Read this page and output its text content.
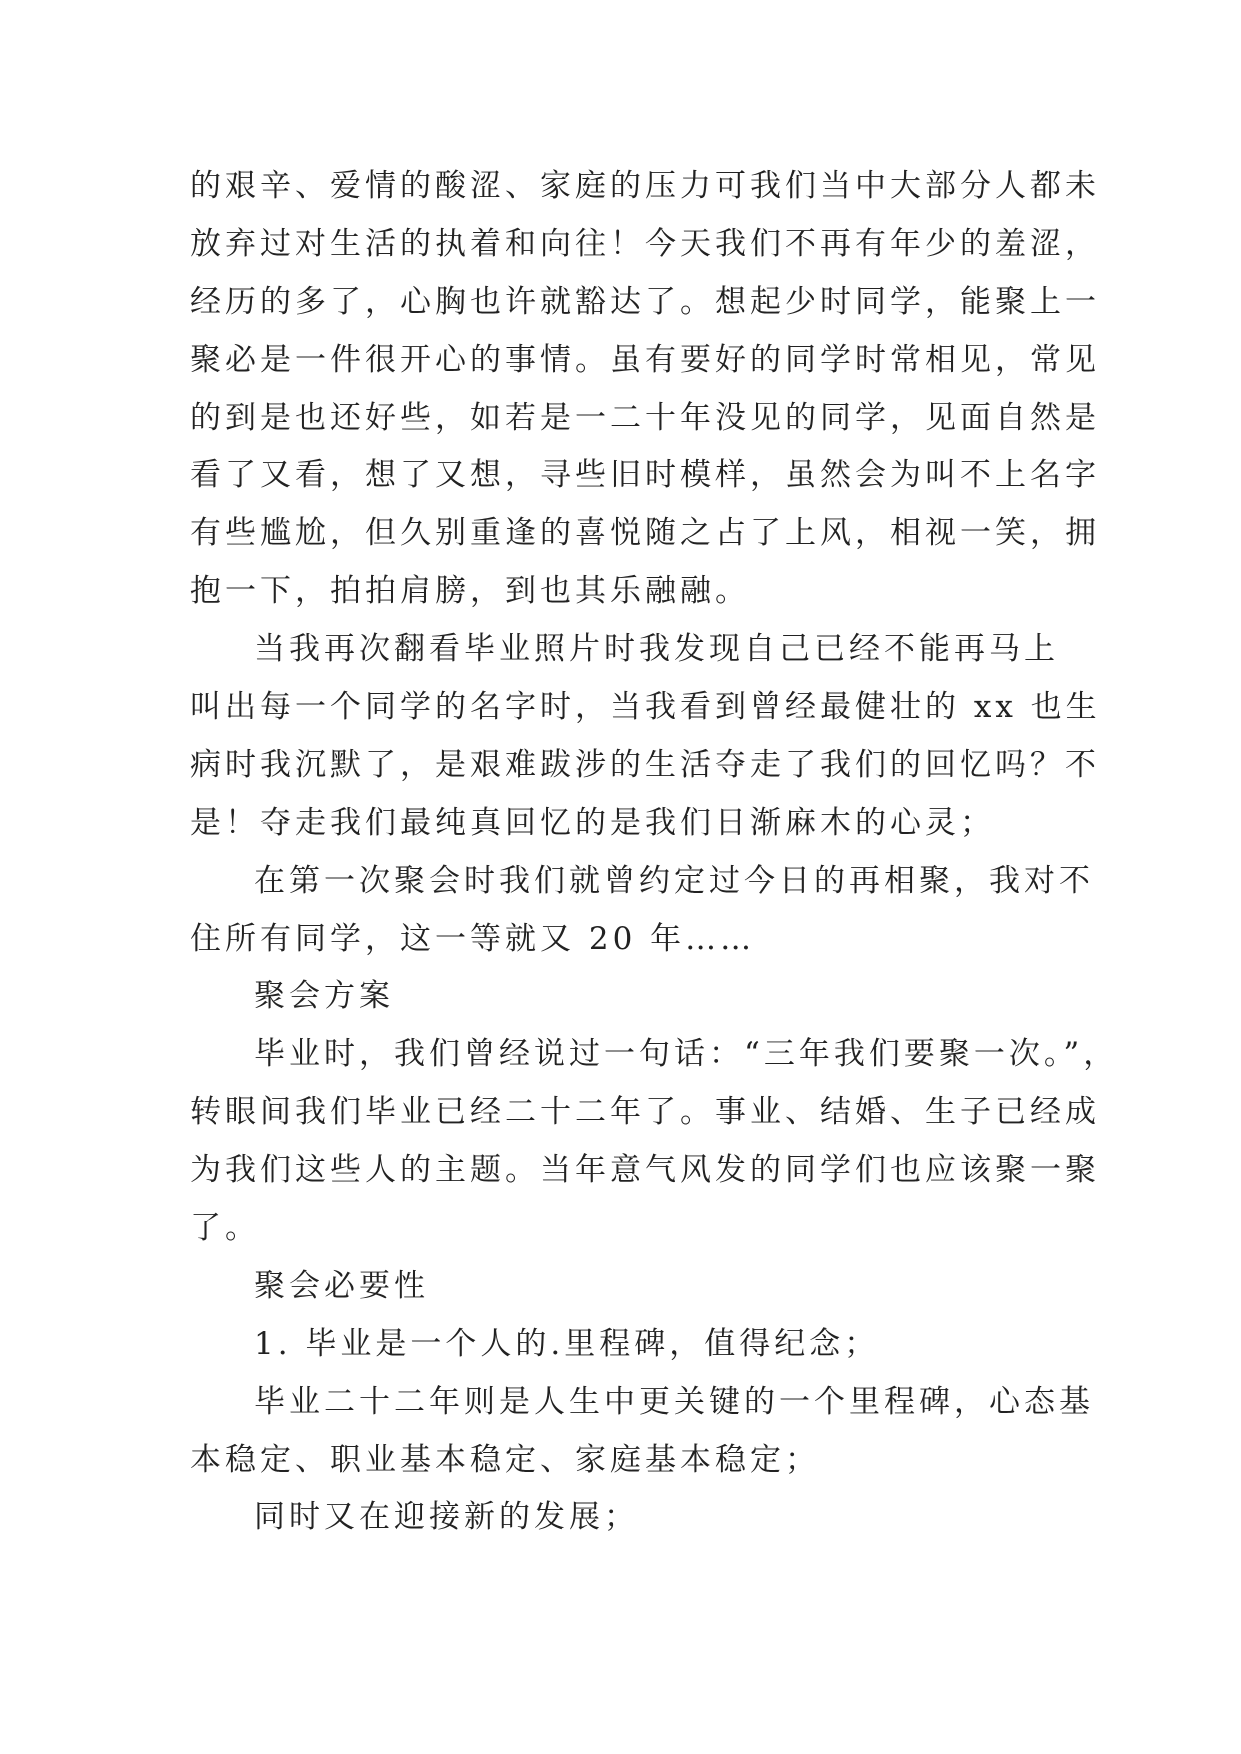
的艰辛、爱情的酸涩、家庭的压力可我们当中大部分人都未
放弃过对生活的执着和向往！今天我们不再有年少的羞涩，
经历的多了，心胸也许就豁达了。想起少时同学，能聚上一
聚必是一件很开心的事情。虽有要好的同学时常相见，常见
的到是也还好些，如若是一二十年没见的同学，见面自然是
看了又看，想了又想，寻些旧时模样，虽然会为叫不上名字
有些尴尬，但久别重逢的喜悦随之占了上风，相视一笑，拥
抱一下，拍拍肩膀，到也其乐融融。
当我再次翻看毕业照片时我发现自己已经不能再马上
叫出每一个同学的名字时，当我看到曾经最健壮的 xx 也生
病时我沉默了，是艰难跋涉的生活夺走了我们的回忆吗？不
是！夺走我们最纯真回忆的是我们日渐麻木的心灵；
在第一次聚会时我们就曾约定过今日的再相聚，我对不
住所有同学，这一等就又 20 年……
聚会方案
毕业时，我们曾经说过一句话：“三年我们要聚一次。”，
转眼间我们毕业已经二十二年了。事业、结婚、生子已经成
为我们这些人的主题。当年意气风发的同学们也应该聚一聚
了。
聚会必要性
1. 毕业是一个人的.里程碑，值得纪念；
毕业二十二年则是人生中更关键的一个里程碑，心态基
本稳定、职业基本稳定、家庭基本稳定；
同时又在迎接新的发展；
